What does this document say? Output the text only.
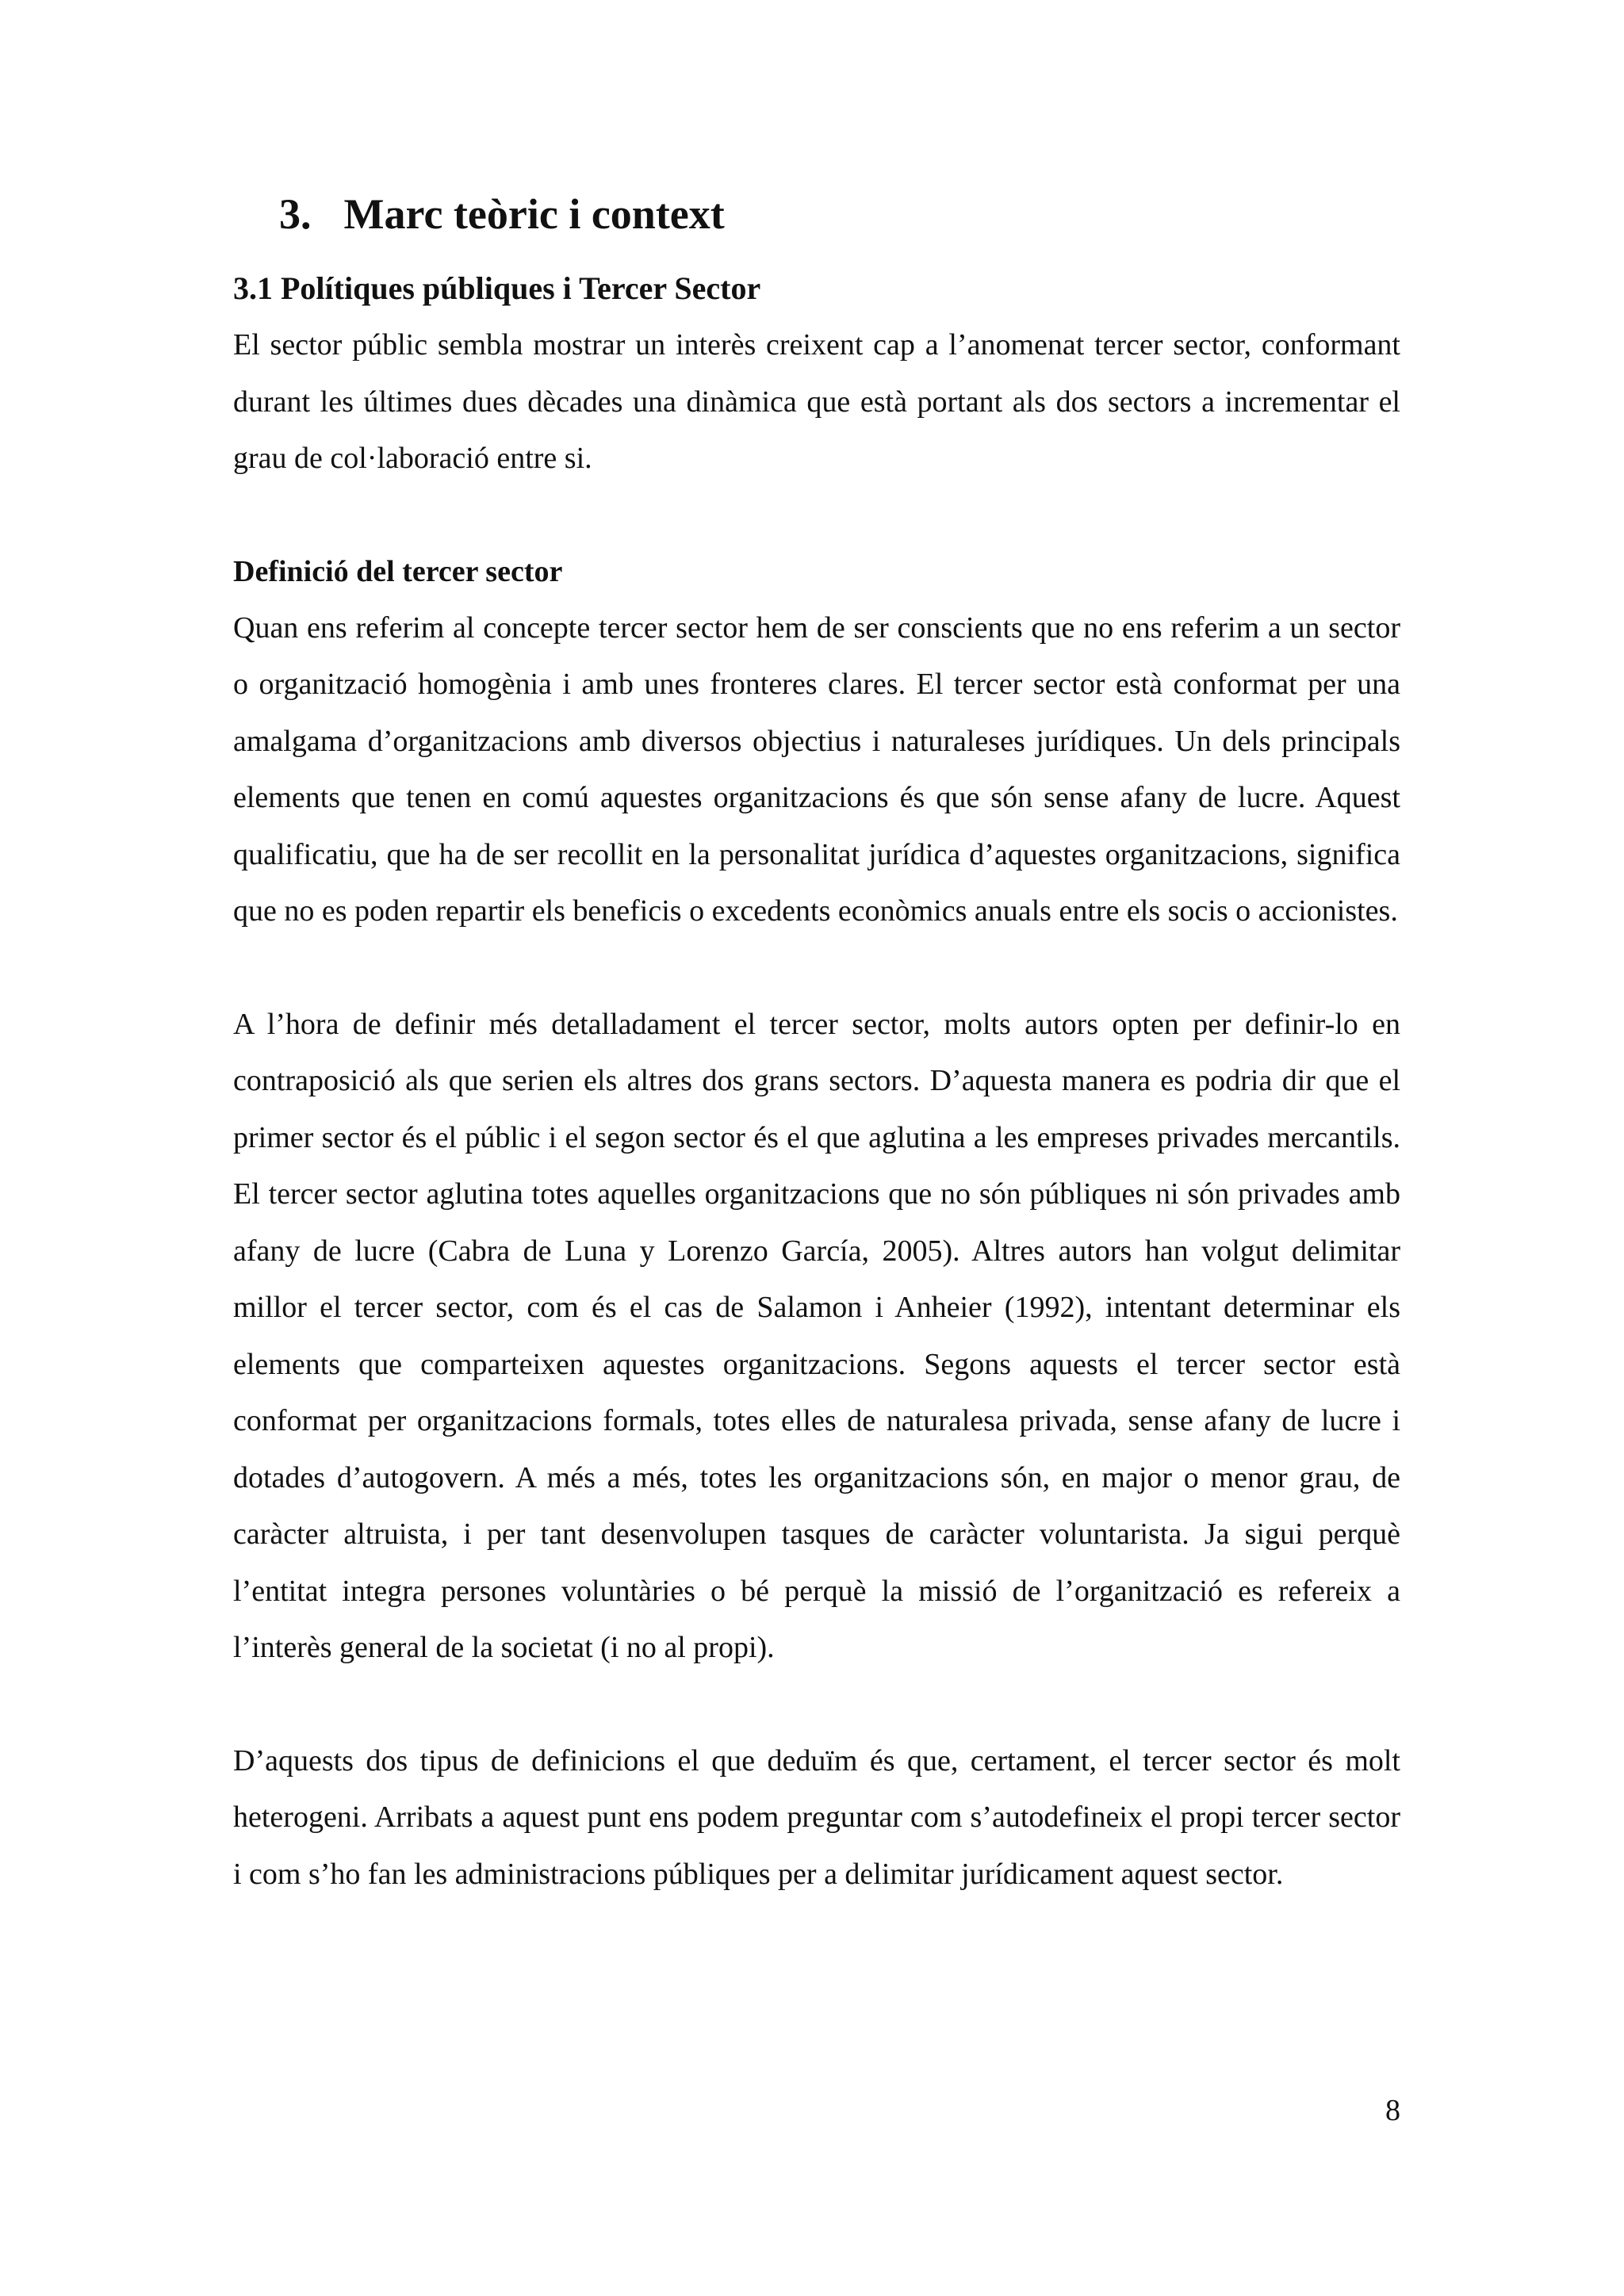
3. Marc teòric i context
3.1 Polítiques públiques i Tercer Sector

El sector públic sembla mostrar un interès creixent cap a l’anomenat tercer sector, conformant durant les últimes dues dècades una dinàmica que està portant als dos sectors a incrementar el grau de col·laboració entre si.

Definició del tercer sector

Quan ens referim al concepte tercer sector hem de ser conscients que no ens referim a un sector o organització homogènia i amb unes fronteres clares. El tercer sector està conformat per una amalgama d’organitzacions amb diversos objectius i naturaleses jurídiques. Un dels principals elements que tenen en comú aquestes organitzacions és que són sense afany de lucre. Aquest qualificatiu, que ha de ser recollit en la personalitat jurídica d’aquestes organitzacions, significa que no es poden repartir els beneficis o excedents econòmics anuals entre els socis o accionistes.

A l’hora de definir més detalladament el tercer sector, molts autors opten per definir-lo en contraposició als que serien els altres dos grans sectors. D’aquesta manera es podria dir que el primer sector és el públic i el segon sector és el que aglutina a les empreses privades mercantils. El tercer sector aglutina totes aquelles organitzacions que no són públiques ni són privades amb afany de lucre (Cabra de Luna y Lorenzo García, 2005). Altres autors han volgut delimitar millor el tercer sector, com és el cas de Salamon i Anheier (1992), intentant determinar els elements que comparteixen aquestes organitzacions. Segons aquests el tercer sector està conformat per organitzacions formals, totes elles de naturalesa privada, sense afany de lucre i dotades d’autogovern. A més a més, totes les organitzacions són, en major o menor grau, de caràcter altruista, i per tant desenvolupen tasques de caràcter voluntarista. Ja sigui perquè l’entitat integra persones voluntàries o bé perquè la missió de l’organització es refereix a l’interès general de la societat (i no al propi).

D’aquests dos tipus de definicions el que deduïm és que, certament, el tercer sector és molt heterogeni. Arribats a aquest punt ens podem preguntar com s’autodefineix el propi tercer sector i com s’ho fan les administracions públiques per a delimitar jurídicament aquest sector.

8
